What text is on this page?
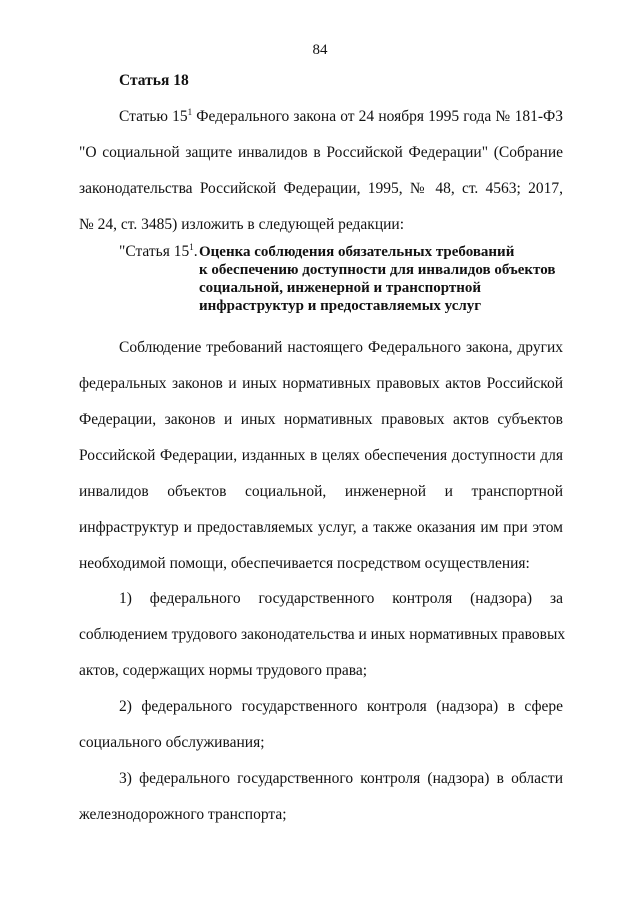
84
Статья 18
Статью $15^1$ Федерального закона от 24 ноября 1995 года № 181-ФЗ
"О социальной защите инвалидов в Российской Федерации" (Собрание
законодательства Российской Федерации, 1995, № 48, ст. 4563; 2017,
№ 24, ст. 3485) изложить в следующей редакции:
"Статья $15^1$. Оценка соблюдения обязательных требований
к обеспечению доступности для инвалидов объектов
социальной, инженерной и транспортной
инфраструктур и предоставляемых услуг
Соблюдение требований настоящего Федерального закона, других
федеральных законов и иных нормативных правовых актов Российской
Федерации, законов и иных нормативных правовых актов субъектов
Российской Федерации, изданных в целях обеспечения доступности для
инвалидов объектов социальной, инженерной и транспортной
инфраструктур и предоставляемых услуг, а также оказания им при этом
необходимой помощи, обеспечивается посредством осуществления:
1) федерального государственного контроля (надзора) за
соблюдением трудового законодательства и иных нормативных правовых
актов, содержащих нормы трудового права;
2) федерального государственного контроля (надзора) в сфере
социального обслуживания;
3) федерального государственного контроля (надзора) в области
железнодорожного транспорта;
